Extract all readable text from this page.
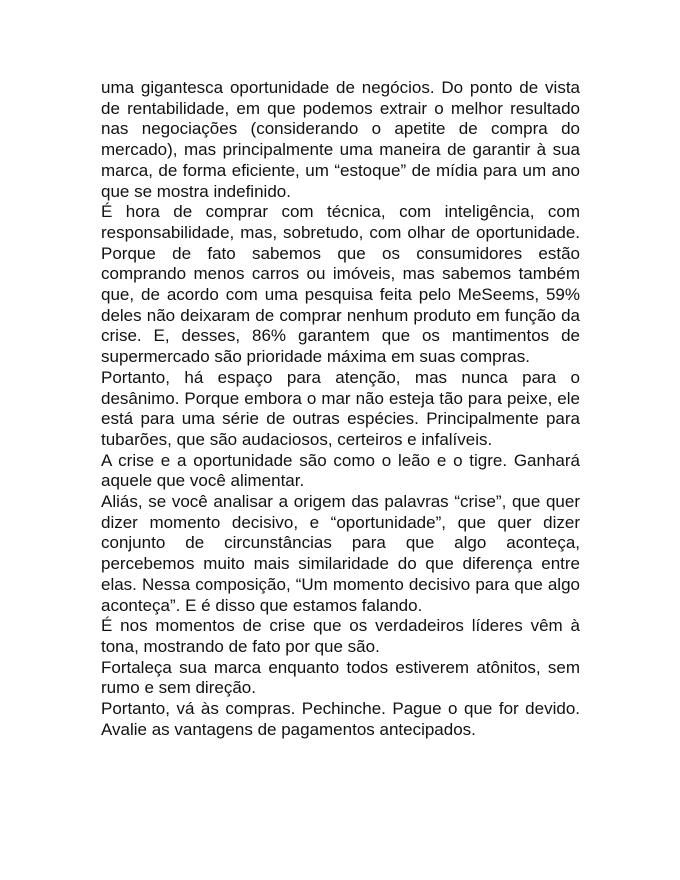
uma gigantesca oportunidade de negócios. Do ponto de vista de rentabilidade, em que podemos extrair o melhor resultado nas negociações (considerando o apetite de compra do mercado), mas principalmente uma maneira de garantir à sua marca, de forma eficiente, um “estoque” de mídia para um ano que se mostra indefinido.

É hora de comprar com técnica, com inteligência, com responsabilidade, mas, sobretudo, com olhar de oportunidade. Porque de fato sabemos que os consumidores estão comprando menos carros ou imóveis, mas sabemos também que, de acordo com uma pesquisa feita pelo MeSeems, 59% deles não deixaram de comprar nenhum produto em função da crise. E, desses, 86% garantem que os mantimentos de supermercado são prioridade máxima em suas compras.

Portanto, há espaço para atenção, mas nunca para o desânimo. Porque embora o mar não esteja tão para peixe, ele está para uma série de outras espécies. Principalmente para tubarões, que são audaciosos, certeiros e infalíveis.

A crise e a oportunidade são como o leão e o tigre. Ganhará aquele que você alimentar.

Aliás, se você analisar a origem das palavras “crise”, que quer dizer momento decisivo, e “oportunidade”, que quer dizer conjunto de circunstâncias para que algo aconteça, percebemos muito mais similaridade do que diferença entre elas. Nessa composição, “Um momento decisivo para que algo aconteça”. E é disso que estamos falando.

É nos momentos de crise que os verdadeiros líderes vêm à tona, mostrando de fato por que são.

Fortaleça sua marca enquanto todos estiverem atônitos, sem rumo e sem direção.

Portanto, vá às compras. Pechinche. Pague o que for devido. Avalie as vantagens de pagamentos antecipados.
